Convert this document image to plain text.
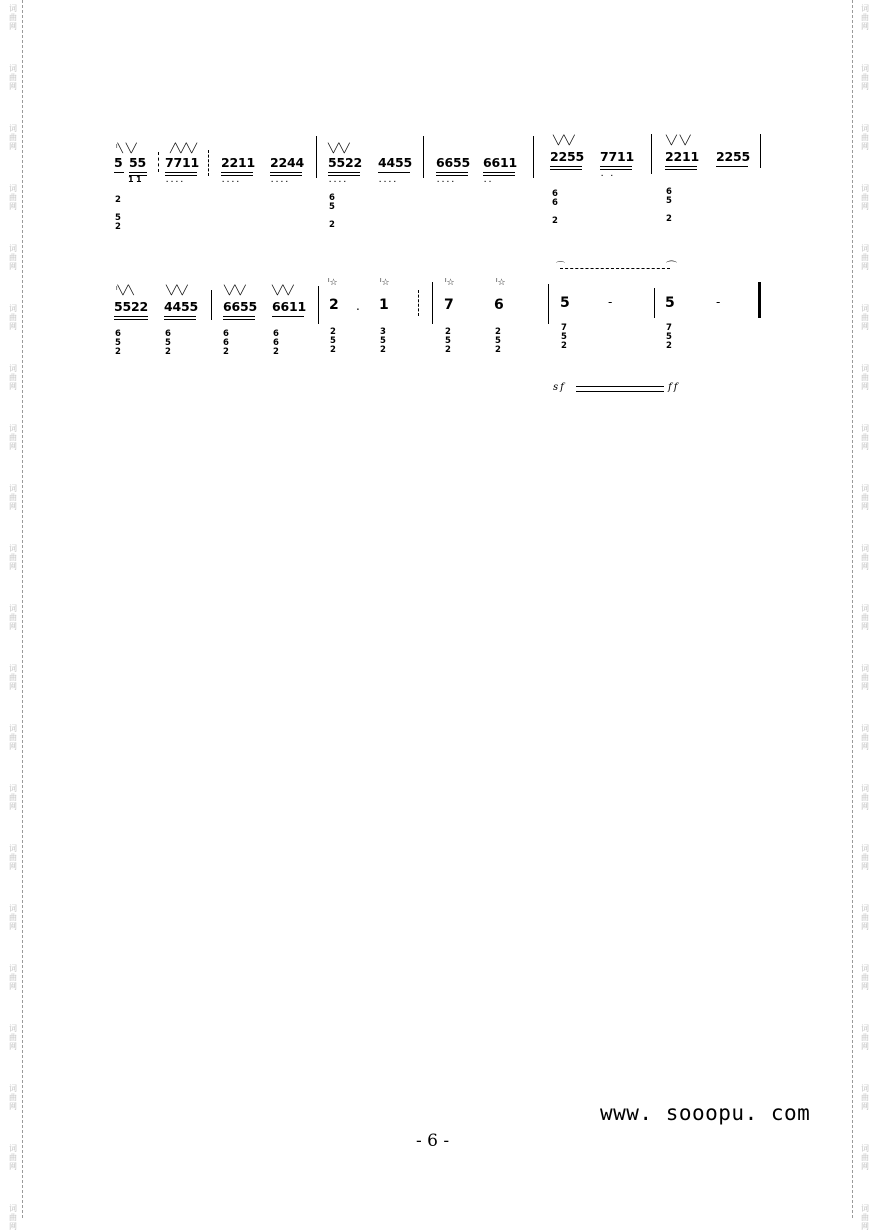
词
曲
网
词
曲
网
词
曲
网
词
曲
网
词
曲
网
词
曲
网
词
曲
网
词
曲
网
词
曲
网
词
曲
网
词
曲
网
词
曲
网
词
曲
网
词
曲
网
词
曲
网
词
曲
网
词
曲
网
词
曲
网
词
曲
网
词
曲
网
词
曲
网
词
曲
网
词
曲
网
词
曲
网
词
曲
网
词
曲
网
词
曲
网
词
曲
网
词
曲
网
词
曲
网
词
曲
网
词
曲
网
词
曲
网
词
曲
网
词
曲
网
词
曲
网
词
曲
网
词
曲
网
词
曲
网
词
曲
网
词
曲
网
词
曲
网
ˡ╲ ╲╱
5 55
1 1
╱╲╱╲╱
7711
....
2211
....
2244
....
╲╱╲╱
5522
....
4455
....
6655
....
6611
..
╲╱╲╱
2255 7711
. .
╲╱ ╲╱
2211 2255
2

5
2
6
5

2
6
6

2
6
5

2
ˡ╲╱╲
5522
╲╱╲╱
4455
╲╱╲╱
6655
╲╱╲╱
6611
ˡ☆
2 .
ˡ☆
1
ˡ☆
7
ˡ☆
6
⌒	⌒
5	-	5	-
6
5
2
6
5
2
6
6
2
6
6
2
2
5
2
3
5
2
2
5
2
2
5
2
7
5
2
7
5
2
sf	ff
www. sooopu. com
- 6 -
